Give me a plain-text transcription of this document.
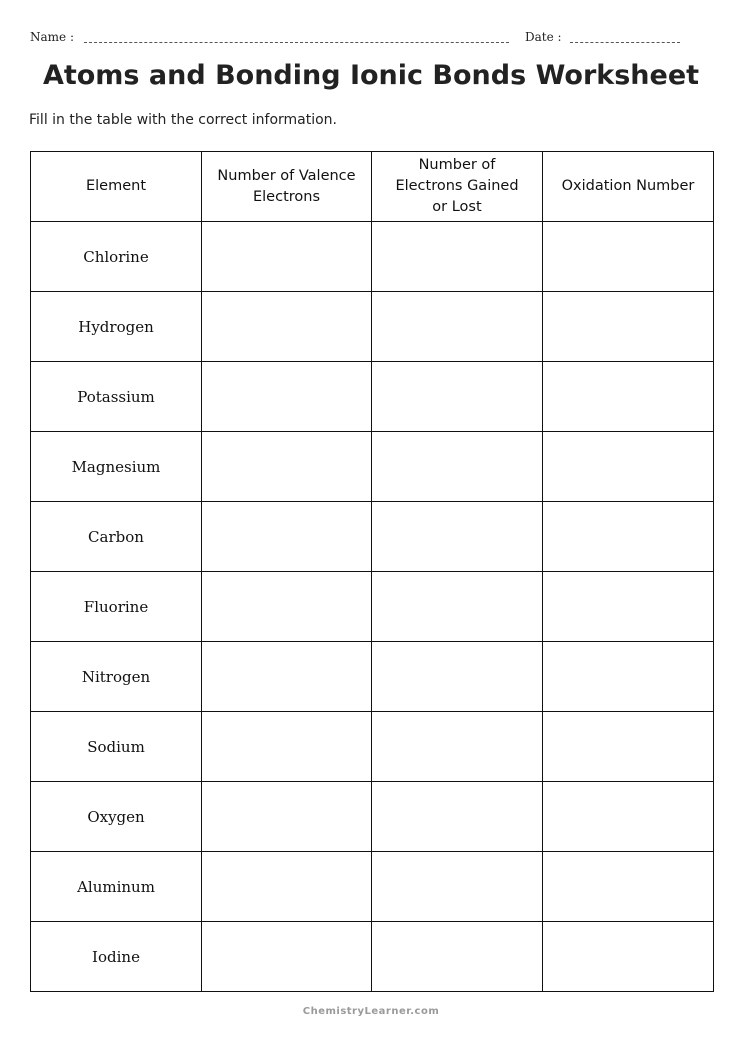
Name :	Date :
Atoms and Bonding Ionic Bonds Worksheet
Fill in the table with the correct information.
Element	Number of Valence Electrons	Number of Electrons Gained or Lost	Oxidation Number
Chlorine			
Hydrogen			
Potassium			
Magnesium			
Carbon			
Fluorine			
Nitrogen			
Sodium			
Oxygen			
Aluminum			
Iodine			
ChemistryLearner.com
